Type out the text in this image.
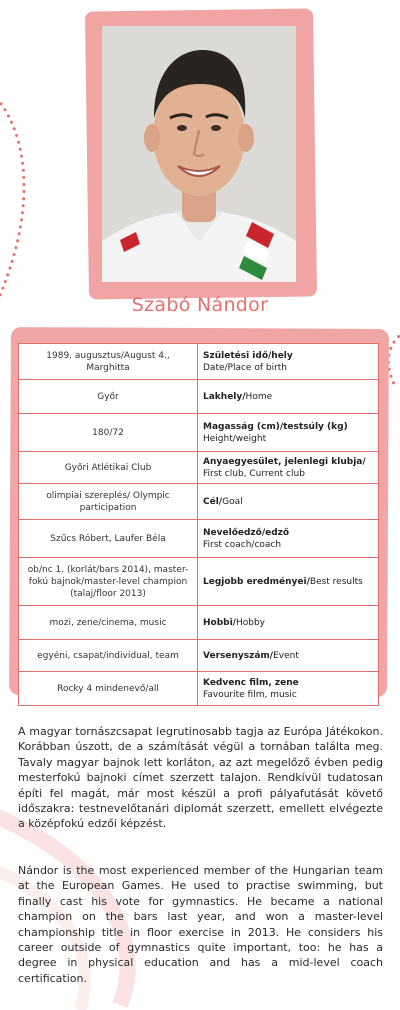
Szabó Nándor
1989. augusztus/August 4., Marghitta	Születési idő/hely
Date/Place of birth
Győr	Lakhely/Home
180/72	Magasság (cm)/testsúly (kg)
Height/weight
Győri Atlétikai Club	Anyaegyesület, jelenlegi klubja/
First club, Current club
olimpiai szereplés/ Olympic participation	Cél/Goal
Szűcs Róbert, Laufer Béla	Nevelőedző/edző
First coach/coach
ob/nc 1. (korlát/bars 2014), master-fokú bajnok/master-level champion (talaj/floor 2013)	Legjobb eredményei/Best results
mozi, zene/cinema, music	Hobbi/Hobby
egyéni, csapat/individual, team	Versenyszám/Event
Rocky 4 mindenevő/all	Kedvenc film, zene
Favourite film, music

A magyar tornászcsapat legrutinosabb tagja az Európa Játékokon. Korábban úszott, de a számítását végül a tornában találta meg. Tavaly magyar bajnok lett korláton, az azt megelőző évben pedig mesterfokú bajnoki címet szerzett talajon. Rendkívül tudatosan építi fel magát, már most készül a profi pályafutását követő időszakra: testnevelőtanári diplomát szerzett, emellett elvégezte a középfokú edzői képzést.

Nándor is the most experienced member of the Hungarian team at the European Games. He used to practise swimming, but finally cast his vote for gymnastics. He became a national champion on the bars last year, and won a master-level championship title in floor exercise in 2013. He considers his career outside of gymnastics quite important, too: he has a degree in physical education and has a mid-level coach certification.
